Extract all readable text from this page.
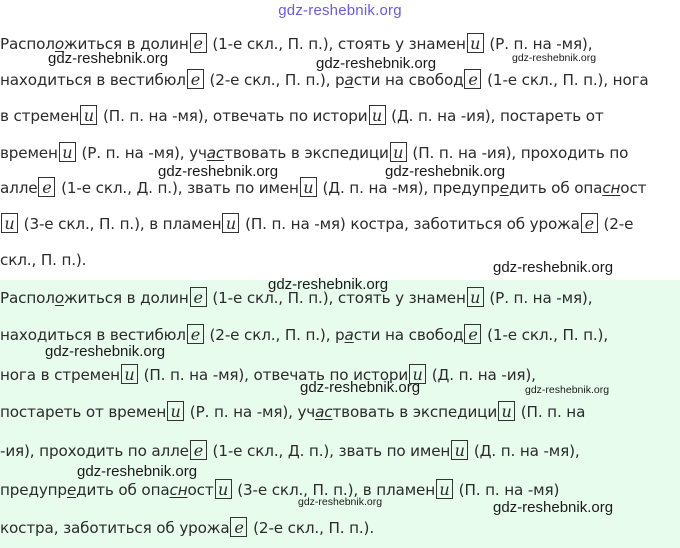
gdz-reshebnik.org
Расположиться в долин е (1-е скл., П. п.), стоять у знамен и (Р. п. на -мя),
находиться в вестибюл е (2-е скл., П. п.), расти на свобод е (1-е скл., П. п.), нога
в стремен и (П. п. на -мя), отвечать по истори и (Д. п. на -ия), постареть от
времен и (Р. п. на -мя), участвовать в экспедици и (П. п. на -ия), проходить по
алле е (1-е скл., Д. п.), звать по имен и (Д. п. на -мя), предупредить об опасност
и (3-е скл., П. п.), в пламен и (П. п. на -мя) костра, заботиться об урожа е (2-е
скл., П. п.).
Расположиться в долин е (1-е скл., П. п.), стоять у знамен и (Р. п. на -мя),
находиться в вестибюл е (2-е скл., П. п.), расти на свобод е (1-е скл., П. п.),
нога в стремен и (П. п. на -мя), отвечать по истори и (Д. п. на -ия),
постареть от времен и (Р. п. на -мя), участвовать в экспедици и (П. п. на
-ия), проходить по алле е (1-е скл., Д. п.), звать по имен и (Д. п. на -мя),
предупредить об опасност и (3-е скл., П. п.), в пламен и (П. п. на -мя)
костра, заботиться об урожа е (2-е скл., П. п.).
gdz-reshebnik.org	gdz-reshebnik.org	gdz-reshebnik.org
gdz-reshebnik.org	gdz-reshebnik.org
gdz-reshebnik.org
gdz-reshebnik.org
gdz-reshebnik.org
gdz-reshebnik.org	gdz-reshebnik.org
gdz-reshebnik.org
gdz-reshebnik.org	gdz-reshebnik.org
